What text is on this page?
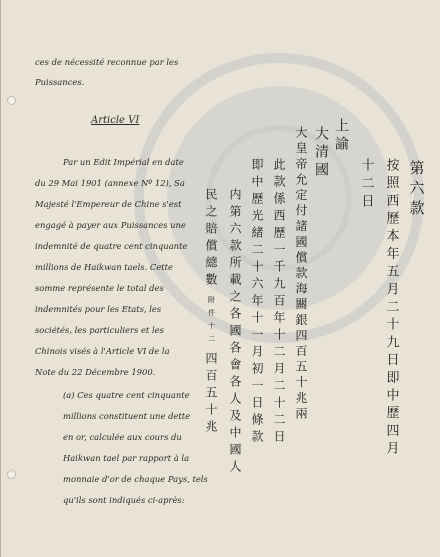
ces de nécessité reconnue par les
Puissances.
Article VI
Par un Edit Impérial en date
du 29 Mai 1901 (annexe Nº 12), Sa
Majesté l'Empereur de Chine s'est
engagé à payer aux Puissances une
indemnité de quatre cent cinquante
millions de Haikwan taels. Cette
somme représente le total des
indemnités pour les Etats, les
sociétés, les particuliers et les
Chinois visés à l'Article VI de la
Note du 22 Décembre 1900.
(a) Ces quatre cent cinquante
millions constituent une dette
en or, calculée aux cours du
Haikwan tael par rapport à la
monnaie d'or de chaque Pays, tels
qu'ils sont indiqués ci-après:
第六款
按照西歷本年五月二十九日即中歷四月
十二日
上諭
大清國
大皇帝允定付諸國償款海關銀四百五十兆兩
此款係西歷一千九百年十二月二十二日
即中歷光緒二十六年十一月初一日條款
内第六款所載之各國各會各人及中國人
民之賠償總數
附件十二
四百五十兆
